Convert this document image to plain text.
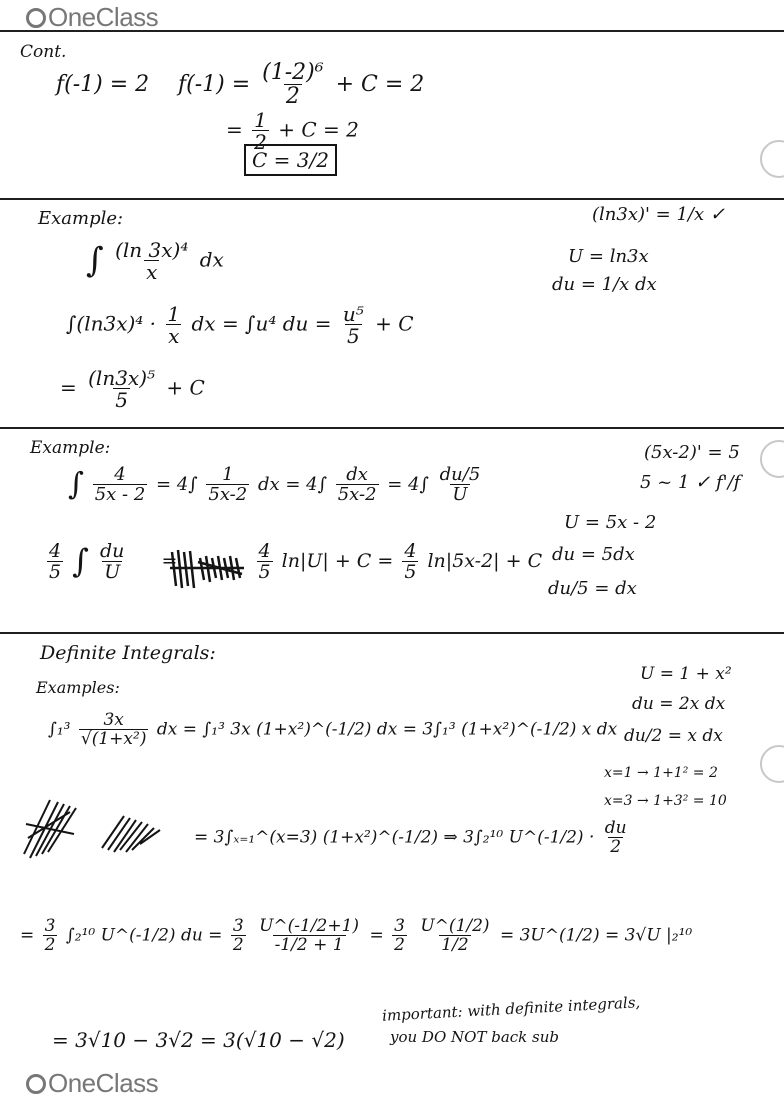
OneClass
OneClass
Cont.
f(-1) = 2 $f(-1) = \frac{\text{(1-2)⁶}}{2} + C = 2$
= $\frac{1}{2} + C = 2$
C = 3/2
Example:
∫ $\frac{\text{(ln 3x)⁴}}{x}$ dx
$\int(\ln 3x)^4 \cdot \frac{1}{x}$ dx = ∫u⁴ du = $\frac{\text{u⁵}}{5} + C$
= $\frac{\text{(ln3x)⁵}}{5} + C$
(ln3x)' = 1/x ✓
U = ln3x
du = 1/x dx
Example:
∫ $\frac{4}{5x - 2} = 4\int \frac{1}{5x-2}$ dx = $4\int \frac{dx}{5x-2} = 4\int \frac{du/5}{U}$
$\frac{4}{5}$ ∫ $\frac{du}{U}$ =	$\frac{4}{5} \ln|U| + C = \frac{4}{5} \ln|5x-2| + C$
(5x-2)' = 5
5 ~ 1 ✓ f'/f
U = 5x - 2
du = 5dx
du/5 = dx
Definite Integrals:
Examples:
$\int_1^3 \frac{3x}{\text{√(1+x²)}}$ dx = ∫₁³ 3x (1+x²)^(-1/2) dx = 3∫₁³ (1+x²)^(-1/2) x dx
= 3∫ₓ₌₁^(x=3) (1+x²)^(-1/2) ⇒ 3∫₂¹⁰ U^(-1/2) · $\frac{du}{2}$
= $\frac{3}{2} \int_2^{10}$ U^(-1/2) du = $\frac{3}{2}$
$\frac{U\^{}(-1/2+1)}{-1/2 + 1} = \frac{3}{2}$
$\frac{U\^{}(1/2)}{1/2}$ = 3U^(1/2) = 3√U |₂¹⁰
= 3√10 − 3√2 = 3(√10 − √2)
important: with definite integrals,
you DO NOT back sub
U = 1 + x²
du = 2x dx
du/2 = x dx
x=1 → 1+1² = 2
x=3 → 1+3² = 10
